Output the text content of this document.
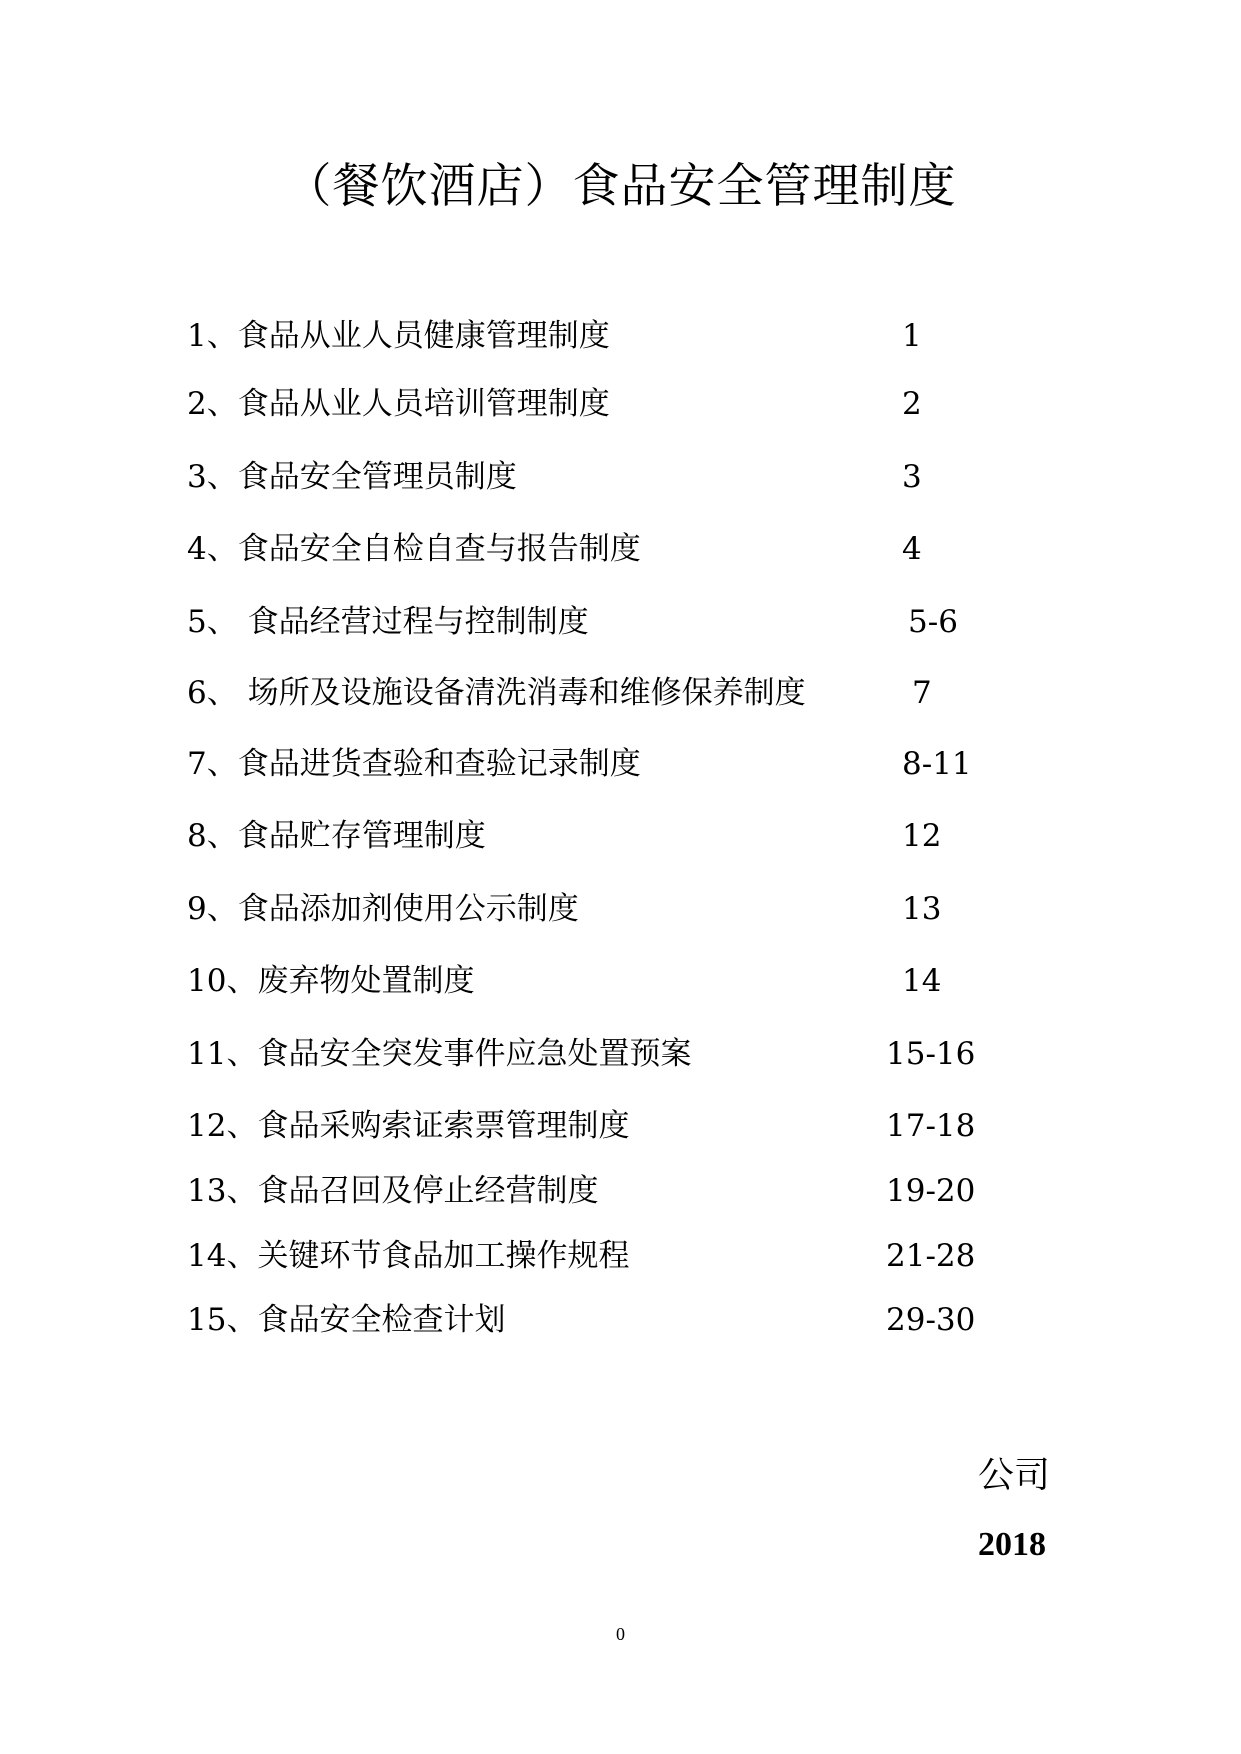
（餐饮酒店）食品安全管理制度
1、食品从业人员健康管理制度	1
2、食品从业人员培训管理制度	2
3、食品安全管理员制度	3
4、食品安全自检自查与报告制度	4
5、 食品经营过程与控制制度	5-6
6、 场所及设施设备清洗消毒和维修保养制度	7
7、食品进货查验和查验记录制度	8-11
8、食品贮存管理制度	12
9、食品添加剂使用公示制度	13
10、废弃物处置制度	14
11、食品安全突发事件应急处置预案	15-16
12、食品采购索证索票管理制度	17-18
13、食品召回及停止经营制度	19-20
14、关键环节食品加工操作规程	21-28
15、食品安全检查计划	29-30
公司
2018
0
